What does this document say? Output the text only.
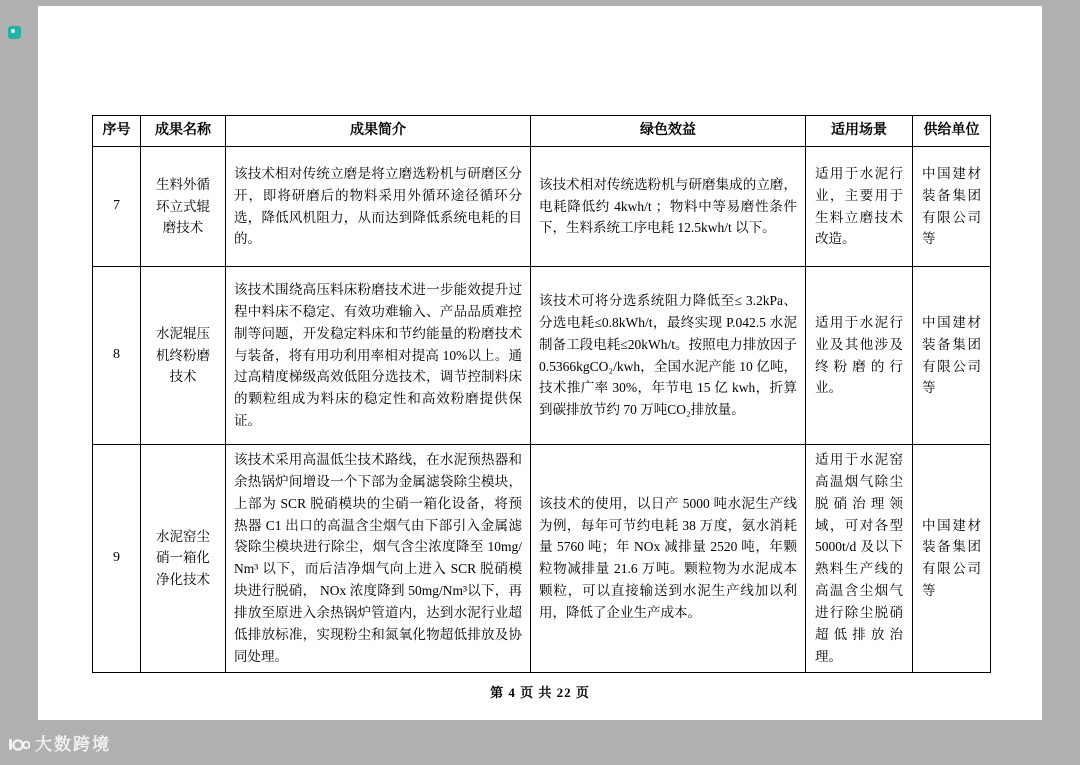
序号	成果名称	成果简介	绿色效益	适用场景	供给单位
7	生料外循环立式辊磨技术	该技术相对传统立磨是将立磨选粉机与研磨区分开，即将研磨后的物料采用外循环途径循环分选，降低风机阻力，从而达到降低系统电耗的目的。	该技术相对传统选粉机与研磨集成的立磨，电耗降低约 4kwh/t ；物料中等易磨性条件下，生料系统工序电耗 12.5kwh/t 以下。	适用于水泥行业，主要用于生料立磨技术改造。	中国建材装备集团有限公司等
8	水泥辊压机终粉磨技术	该技术围绕高压料床粉磨技术进一步能效提升过程中料床不稳定、有效功难输入、产品品质难控制等问题，开发稳定料床和节约能量的粉磨技术与装备，将有用功利用率相对提高 10%以上。通过高精度梯级高效低阻分选技术，调节控制料床的颗粒组成为料床的稳定性和高效粉磨提供保证。	该技术可将分选系统阻力降低至≤ 3.2kPa、分选电耗≤0.8kWh/t，最终实现 P.042.5 水泥制备工段电耗≤20kWh/t。按照电力排放因子 0.5366kgCO₂/kwh，全国水泥产能 10 亿吨，技术推广率 30%，年节电 15 亿 kwh，折算到碳排放节约 70 万吨CO₂排放量。	适用于水泥行业及其他涉及终粉磨的行业。	中国建材装备集团有限公司等
9	水泥窑尘硝一箱化净化技术	该技术采用高温低尘技术路线，在水泥预热器和余热锅炉间增设一个下部为金属滤袋除尘模块，上部为 SCR 脱硝模块的尘硝一箱化设备，将预热器 C1 出口的高温含尘烟气由下部引入金属滤袋除尘模块进行除尘，烟气含尘浓度降至 10mg/Nm³ 以下，而后洁净烟气向上进入 SCR 脱硝模块进行脱硝， NOx 浓度降到 50mg/Nm³以下，再排放至原进入余热锅炉管道内，达到水泥行业超低排放标准，实现粉尘和氮氧化物超低排放及协同处理。	该技术的使用，以日产 5000 吨水泥生产线为例，每年可节约电耗 38 万度，氨水消耗量 5760 吨；年 NOx 减排量 2520 吨，年颗粒物减排量 21.6 万吨。颗粒物为水泥成本颗粒，可以直接输送到水泥生产线加以利用，降低了企业生产成本。	适用于水泥窑高温烟气除尘脱硝治理领域，可对各型 5000t/d 及以下熟料生产线的高温含尘烟气进行除尘脱硝超低排放治理。	中国建材装备集团有限公司等
第 4 页 共 22 页
大数跨境
